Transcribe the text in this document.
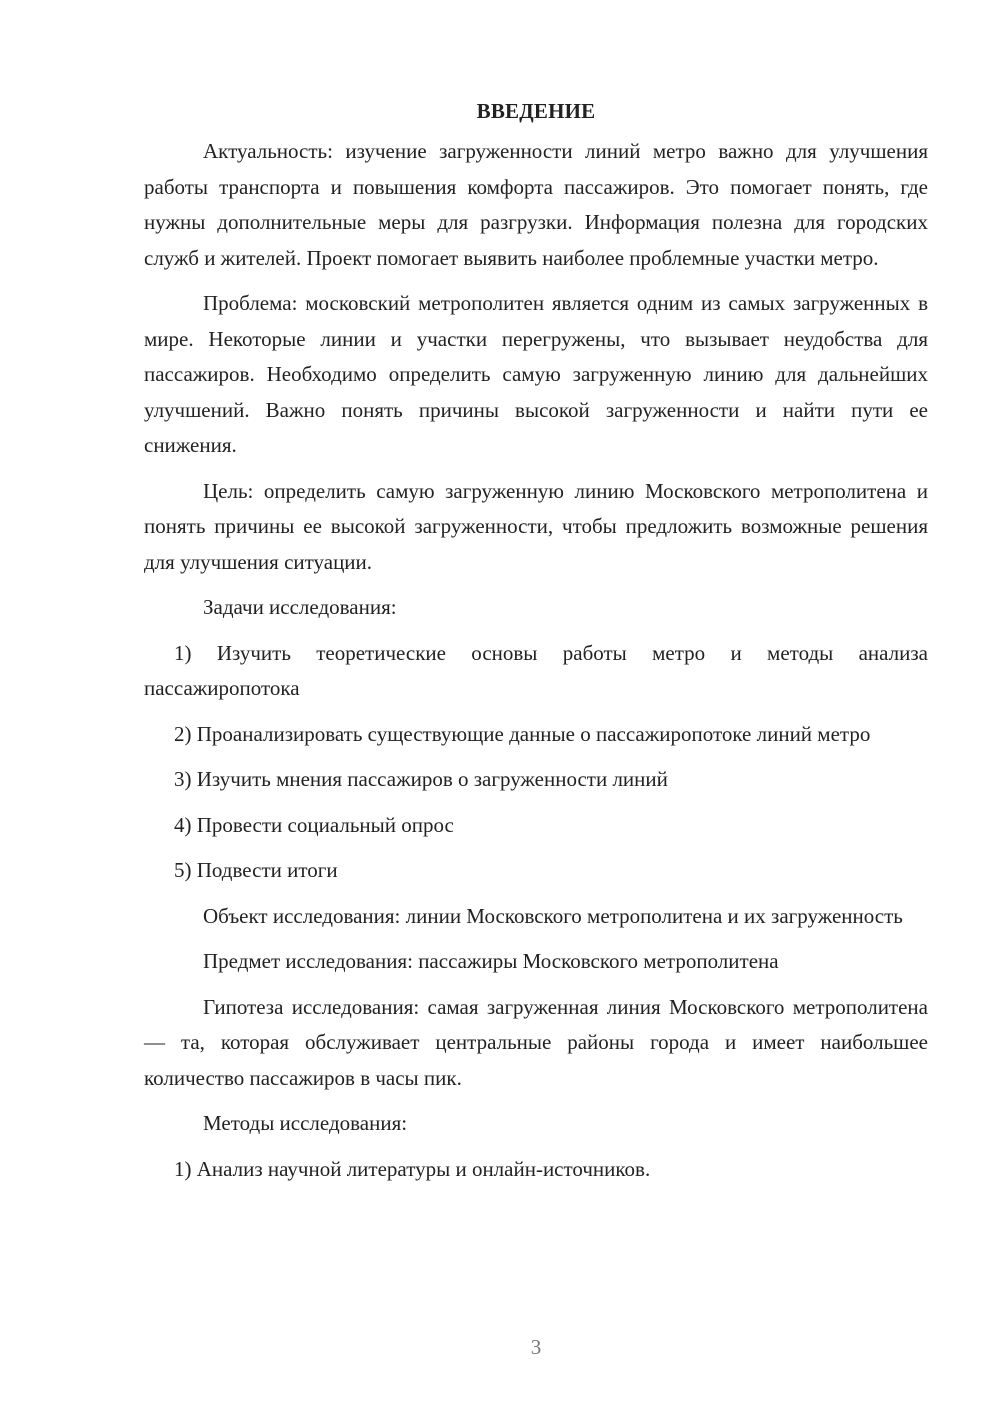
ВВЕДЕНИЕ

Актуальность: изучение загруженности линий метро важно для улучшения работы транспорта и повышения комфорта пассажиров. Это помогает понять, где нужны дополнительные меры для разгрузки. Информация полезна для городских служб и жителей. Проект помогает выявить наиболее проблемные участки метро.

Проблема: московский метрополитен является одним из самых загруженных в мире. Некоторые линии и участки перегружены, что вызывает неудобства для пассажиров. Необходимо определить самую загруженную линию для дальнейших улучшений. Важно понять причины высокой загруженности и найти пути ее снижения.

Цель: определить самую загруженную линию Московского метрополитена и понять причины ее высокой загруженности, чтобы предложить возможные решения для улучшения ситуации.

Задачи исследования:

1) Изучить теоретические основы работы метро и методы анализа пассажиропотока

2) Проанализировать существующие данные о пассажиропотоке линий метро

3) Изучить мнения пассажиров о загруженности линий

4) Провести социальный опрос

5) Подвести итоги

Объект исследования: линии Московского метрополитена и их загруженность

Предмет исследования: пассажиры Московского метрополитена

Гипотеза исследования: самая загруженная линия Московского метрополитена — та, которая обслуживает центральные районы города и имеет наибольшее количество пассажиров в часы пик.

Методы исследования:

1) Анализ научной литературы и онлайн-источников.

3
